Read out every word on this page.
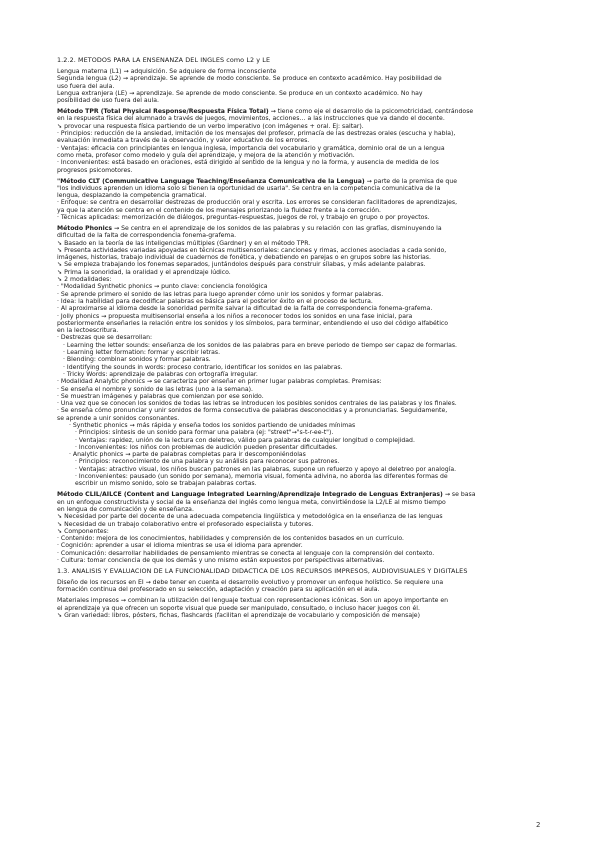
1.2.2. MÉTODOS PARA LA ENSEÑANZA DEL INGLÉS como L2 y LE
Lengua materna (L1) → adquisición. Se adquiere de forma inconsciente
Segunda lengua (L2) → aprendizaje. Se aprende de modo consciente. Se produce en contexto académico. Hay posibilidad de
uso fuera del aula.
Lengua extranjera (LE) → aprendizaje. Se aprende de modo consciente. Se produce en un contexto académico. No hay
posibilidad de uso fuera del aula.
Método TPR (Total Physical Response/Respuesta Física Total) → tiene como eje el desarrollo de la psicomotricidad, centrándose
en la respuesta física del alumnado a través de juegos, movimientos, acciones… a las instrucciones que va dando el docente.
➘ provocar una respuesta física partiendo de un verbo imperativo (con imágenes + oral. Ej: saltar).
· Principios: reducción de la ansiedad, imitación de los mensajes del profesor, primacía de las destrezas orales (escucha y habla),
evaluación inmediata a través de la observación, y valor educativo de los errores.
· Ventajas: eficacia con principiantes en lengua inglesa, importancia del vocabulario y gramática, dominio oral de un a lengua
como meta, profesor como modelo y guía del aprendizaje, y mejora de la atención y motivación.
· Inconvenientes: está basado en oraciones, está dirigido al sentido de la lengua y no la forma, y ausencia de medida de los
progresos psicomotores.
"Método CLT (Communicative Language Teaching/Enseñanza Comunicativa de la Lengua) → parte de la premisa de que
"los individuos aprenden un idioma solo si tienen la oportunidad de usarla". Se centra en la competencia comunicativa de la
lengua, desplazando la competencia gramatical.
· Enfoque: se centra en desarrollar destrezas de producción oral y escrita. Los errores se consideran facilitadores de aprendizajes,
ya que la atención se centra en el contenido de los mensajes priorizando la fluidez frente a la corrección.
· Técnicas aplicadas: memorización de diálogos, preguntas-respuestas, juegos de rol, y trabajo en grupo o por proyectos.
Método Phonics → Se centra en el aprendizaje de los sonidos de las palabras y su relación con las grafías, disminuyendo la
dificultad de la falta de correspondencia fonema-grafema.
➘ Basado en la teoría de las inteligencias múltiples (Gardner) y en el método TPR.
➘ Presenta actividades variadas apoyadas en técnicas multisensoriales: canciones y rimas, acciones asociadas a cada sonido,
imágenes, historias, trabajo individual de cuadernos de fonética, y debatiendo en parejas o en grupos sobre las historias.
➘ Se empieza trabajando los fonemas separados, juntándolos después para construir sílabas, y más adelante palabras.
➘ Prima la sonoridad, la oralidad y el aprendizaje lúdico.
➘ 2 modalidades:
· "Modalidad Synthetic phonics → punto clave: conciencia fonológica
· Se aprende primero el sonido de las letras para luego aprender cómo unir los sonidos y formar palabras.
· Idea: la habilidad para decodificar palabras es básica para el posterior éxito en el proceso de lectura.
· Al aproximarse al idioma desde la sonoridad permite salvar la dificultad de la falta de correspondencia fonema-grafema.
· Jolly phonics → propuesta multisensorial enseña a los niños a reconocer todos los sonidos en una fase inicial, para
posteriormente enseñarles la relación entre los sonidos y los símbolos, para terminar, entendiendo el uso del código alfabético
en la lectoescritura.
· Destrezas que se desarrollan:
· Learning the letter sounds: enseñanza de los sonidos de las palabras para en breve periodo de tiempo ser capaz de formarlas.
· Learning letter formation: formar y escribir letras.
· Blending: combinar sonidos y formar palabras.
· Identifying the sounds in words: proceso contrario, identificar los sonidos en las palabras.
· Tricky Words: aprendizaje de palabras con ortografía irregular.
· Modalidad Analytic phonics → se caracteriza por enseñar en primer lugar palabras completas. Premisas:
· Se enseña el nombre y sonido de las letras (uno a la semana).
· Se muestran imágenes y palabras que comienzan por ese sonido.
· Una vez que se conocen los sonidos de todas las letras se introducen los posibles sonidos centrales de las palabras y los finales.
· Se enseña cómo pronunciar y unir sonidos de forma consecutiva de palabras desconocidas y a pronunciarlas. Seguidamente,
se aprende a unir sonidos consonantes.
· Synthetic phonics → más rápida y enseña todos los sonidos partiendo de unidades mínimas
· Principios: síntesis de un sonido para formar una palabra (ej: "street"→"s-t-r-ee-t").
· Ventajas: rapidez, unión de la lectura con deletreo, válido para palabras de cualquier longitud o complejidad.
· Inconvenientes: los niños con problemas de audición pueden presentar dificultades.
· Analytic phonics → parte de palabras completas para ir descomponiéndolas
· Principios: reconocimiento de una palabra y su análisis para reconocer sus patrones.
· Ventajas: atractivo visual, los niños buscan patrones en las palabras, supone un refuerzo y apoyo al deletreo por analogía.
· Inconvenientes: pausado (un sonido por semana), memoria visual, fomenta adivina, no aborda las diferentes formas de
escribir un mismo sonido, solo se trabajan palabras cortas.
Método CLIL/AILCE (Content and Language Integrated Learning/Aprendizaje Integrado de Lenguas Extranjeras) → se basa
en un enfoque constructivista y social de la enseñanza del inglés como lengua meta, convirtiéndose la L2/LE al mismo tiempo
en lengua de comunicación y de enseñanza.
➘ Necesidad por parte del docente de una adecuada competencia lingüística y metodológica en la enseñanza de las lenguas
➘ Necesidad de un trabajo colaborativo entre el profesorado especialista y tutores.
➘ Componentes:
· Contenido: mejora de los conocimientos, habilidades y comprensión de los contenidos basados en un currículo.
· Cognición: aprender a usar el idioma mientras se usa el idioma para aprender.
· Comunicación: desarrollar habilidades de pensamiento mientras se conecta al lenguaje con la comprensión del contexto.
· Cultura: tomar conciencia de que los demás y uno mismo están expuestos por perspectivas alternativas.
1.3. ANÁLISIS Y EVALUACIÓN DE LA FUNCIONALIDAD DIDÁCTICA DE LOS RECURSOS IMPRESOS, AUDIOVISUALES Y DIGITALES
Diseño de los recursos en EI → debe tener en cuenta el desarrollo evolutivo y promover un enfoque holístico. Se requiere una
formación continua del profesorado en su selección, adaptación y creación para su aplicación en el aula.
Materiales impresos → combinan la utilización del lenguaje textual con representaciones icónicas. Son un apoyo importante en
el aprendizaje ya que ofrecen un soporte visual que puede ser manipulado, consultado, o incluso hacer juegos con él.
➘ Gran variedad: libros, pósters, fichas, flashcards (facilitan el aprendizaje de vocabulario y composición de mensaje)
2
